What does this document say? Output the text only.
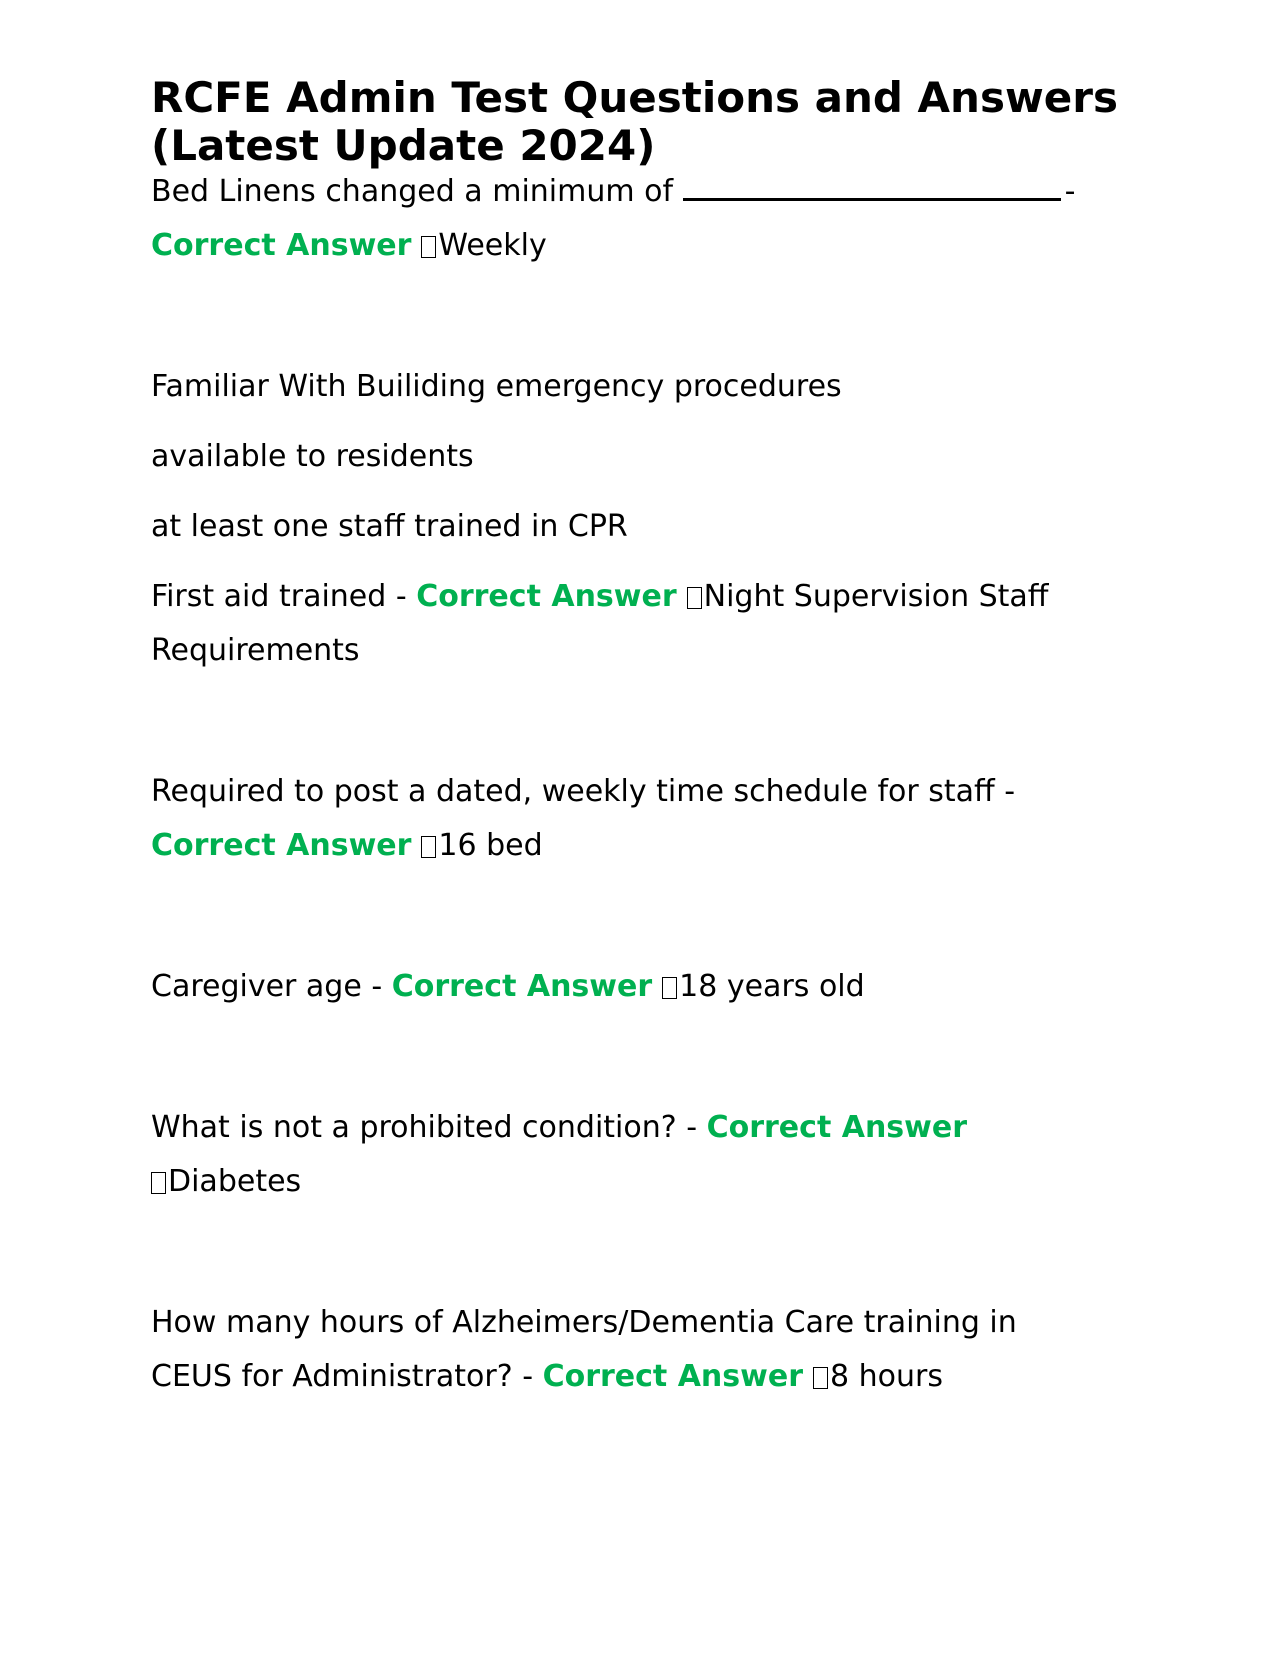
RCFE Admin Test Questions and Answers
(Latest Update 2024)
Bed Linens changed a minimum of	-
Correct Answer Weekly
Familiar With Builiding emergency procedures
available to residents
at least one staff trained in CPR
First aid trained - Correct Answer Night Supervision Staff
Requirements
Required to post a dated, weekly time schedule for staff -
Correct Answer 16 bed
Caregiver age - Correct Answer 18 years old
What is not a prohibited condition? - Correct Answer
Diabetes
How many hours of Alzheimers/Dementia Care training in
CEUS for Administrator? - Correct Answer 8 hours
